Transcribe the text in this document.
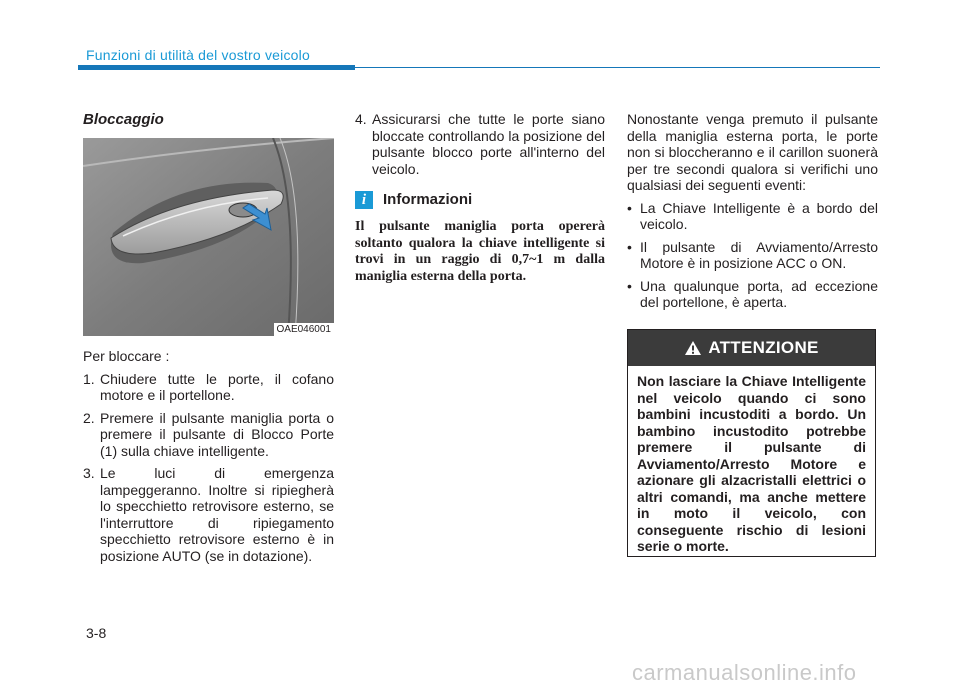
Funzioni di utilità del vostro veicolo
Bloccaggio
OAE046001

Per bloccare :

1. Chiudere tutte le porte, il cofano motore e il portellone.
2. Premere il pulsante maniglia porta o premere il pulsante di Blocco Porte (1) sulla chiave intelligente.
3. Le luci di emergenza lampeggeranno. Inoltre si ripiegherà lo specchietto retrovisore esterno, se l'interruttore di ripiegamento specchietto retrovisore esterno è in posizione AUTO (se in dotazione).
4. Assicurarsi che tutte le porte siano bloccate controllando la posizione del pulsante blocco porte all'interno del veicolo.
i	Informazioni
Il pulsante maniglia porta opererà soltanto qualora la chiave intelligente si trovi in un raggio di 0,7~1 m dalla maniglia esterna della porta.

Nonostante venga premuto il pulsante della maniglia esterna porta, le porte non si bloccheranno e il carillon suonerà per tre secondi qualora si verifichi uno qualsiasi dei seguenti eventi:

• La Chiave Intelligente è a bordo del veicolo.
• Il pulsante di Avviamento/Arresto Motore è in posizione ACC o ON.
• Una qualunque porta, ad eccezione del portellone, è aperta.
ATTENZIONE
Non lasciare la Chiave Intelligente nel veicolo quando ci sono bambini incustoditi a bordo. Un bambino incustodito potrebbe premere il pulsante di Avviamento/Arresto Motore e azionare gli alzacristalli elettrici o altri comandi, ma anche mettere in moto il veicolo, con conseguente rischio di lesioni serie o morte.
3-8
carmanualsonline.info
